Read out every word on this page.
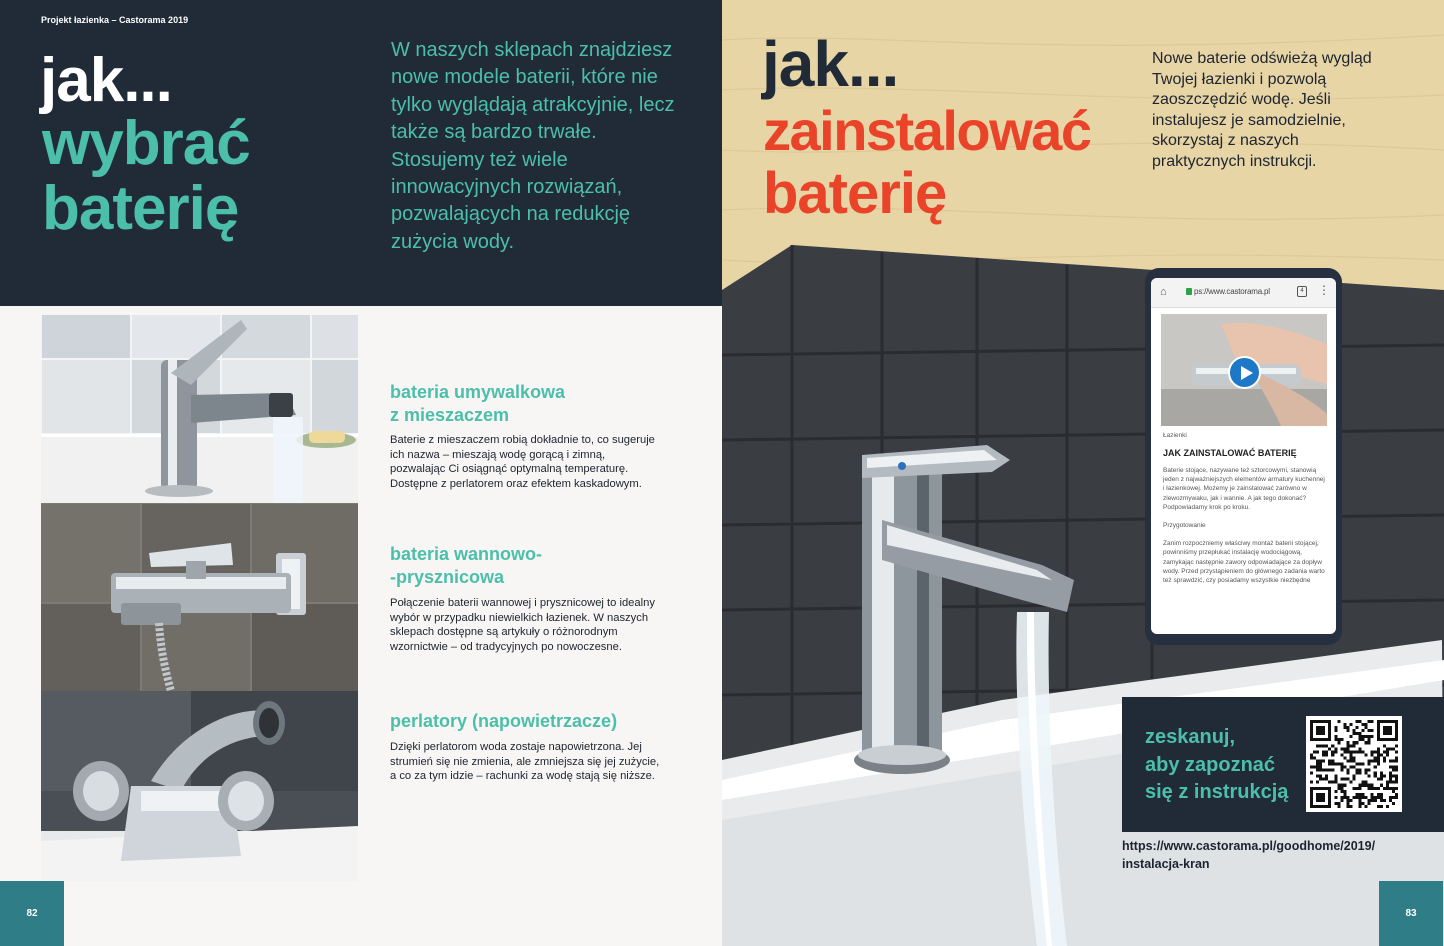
Projekt łazienka – Castorama 2019
jak...
wybrać
baterię
W naszych sklepach znajdziesz nowe modele baterii, które nie tylko wyglądają atrakcyjnie, lecz także są bardzo trwałe. Stosujemy też wiele innowacyjnych rozwiązań, pozwalających na redukcję zużycia wody.
bateria umywalkowa
z mieszaczem
Baterie z mieszaczem robią dokładnie to, co sugeruje ich nazwa – mieszają wodę gorącą i zimną, pozwalając Ci osiągnąć optymalną temperaturę. Dostępne z perlatorem oraz efektem kaskadowym.
bateria wannowo-
-prysznicowa
Połączenie baterii wannowej i prysznicowej to idealny wybór w przypadku niewielkich łazienek. W naszych sklepach dostępne są artykuły o różnorodnym wzornictwie – od tradycyjnych po nowoczesne.
perlatory (napowietrzacze)
Dzięki perlatorom woda zostaje napowietrzona. Jej strumień się nie zmienia, ale zmniejsza się jej zużycie, a co za tym idzie – rachunki za wodę stają się niższe.
82
jak...
zainstalować
baterię
Nowe baterie odświeżą wygląd Twojej łazienki i pozwolą zaoszczędzić wodę. Jeśli instalujesz je samodzielnie, skorzystaj z naszych praktycznych instrukcji.
⌂	ps://www.castorama.pl	4 ⋮
Łazienki
JAK ZAINSTALOWAĆ BATERIĘ
Baterie stojące, nazywane też sztorcowymi, stanowią jeden z najważniejszych elementów armatury kuchennej i łazienkowej. Możemy je zainstalować zarówno w zlewozmywaku, jak i wannie. A jak tego dokonać? Podpowiadamy krok po kroku.
Przygotowanie
Zanim rozpoczniemy właściwy montaż baterii stojącej, powinniśmy przepłukać instalację wodociągową, zamykając następnie zawory odpowiadające za dopływ wody. Przed przystąpieniem do głównego zadania warto też sprawdzić, czy posiadamy wszystkie niezbędne
zeskanuj,
aby zapoznać
się z instrukcją
https://www.castorama.pl/goodhome/2019/
instalacja-kran
83
